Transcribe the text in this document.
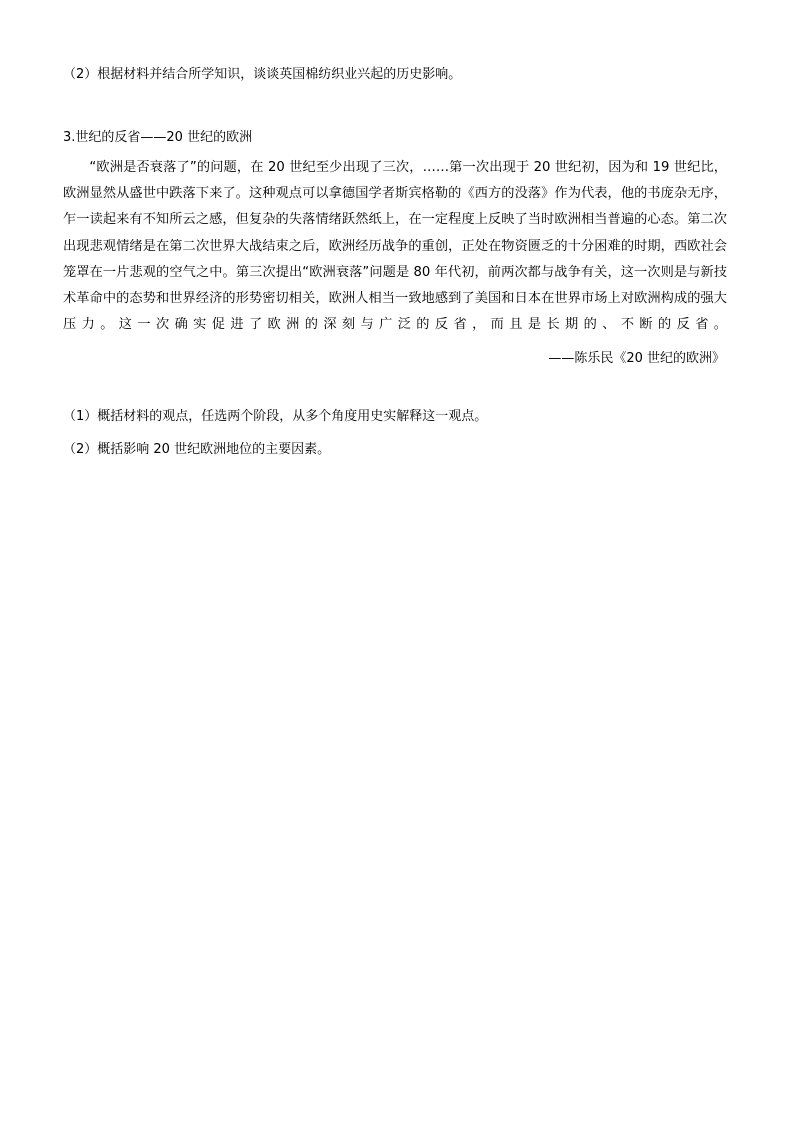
（2）根据材料并结合所学知识，谈谈英国棉纺织业兴起的历史影响。
3.世纪的反省——20 世纪的欧洲
“欧洲是否衰落了”的问题，在 20 世纪至少出现了三次，……第一次出现于 20 世纪初，因为和 19 世纪比，欧洲显然从盛世中跌落下来了。这种观点可以拿德国学者斯宾格勒的《西方的没落》作为代表，他的书庞杂无序，乍一读起来有不知所云之感，但复杂的失落情绪跃然纸上，在一定程度上反映了当时欧洲相当普遍的心态。第二次出现悲观情绪是在第二次世界大战结束之后，欧洲经历战争的重创，正处在物资匮乏的十分困难的时期，西欧社会笼罩在一片悲观的空气之中。第三次提出“欧洲衰落”问题是 80 年代初，前两次都与战争有关，这一次则是与新技术革命中的态势和世界经济的形势密切相关，欧洲人相当一致地感到了美国和日本在世界市场上对欧洲构成的强大压力。这一次确实促进了欧洲的深刻与广泛的反省，而且是长期的、不断的反省。
——陈乐民《20 世纪的欧洲》
（1）概括材料的观点，任选两个阶段，从多个角度用史实解释这一观点。
（2）概括影响 20 世纪欧洲地位的主要因素。
